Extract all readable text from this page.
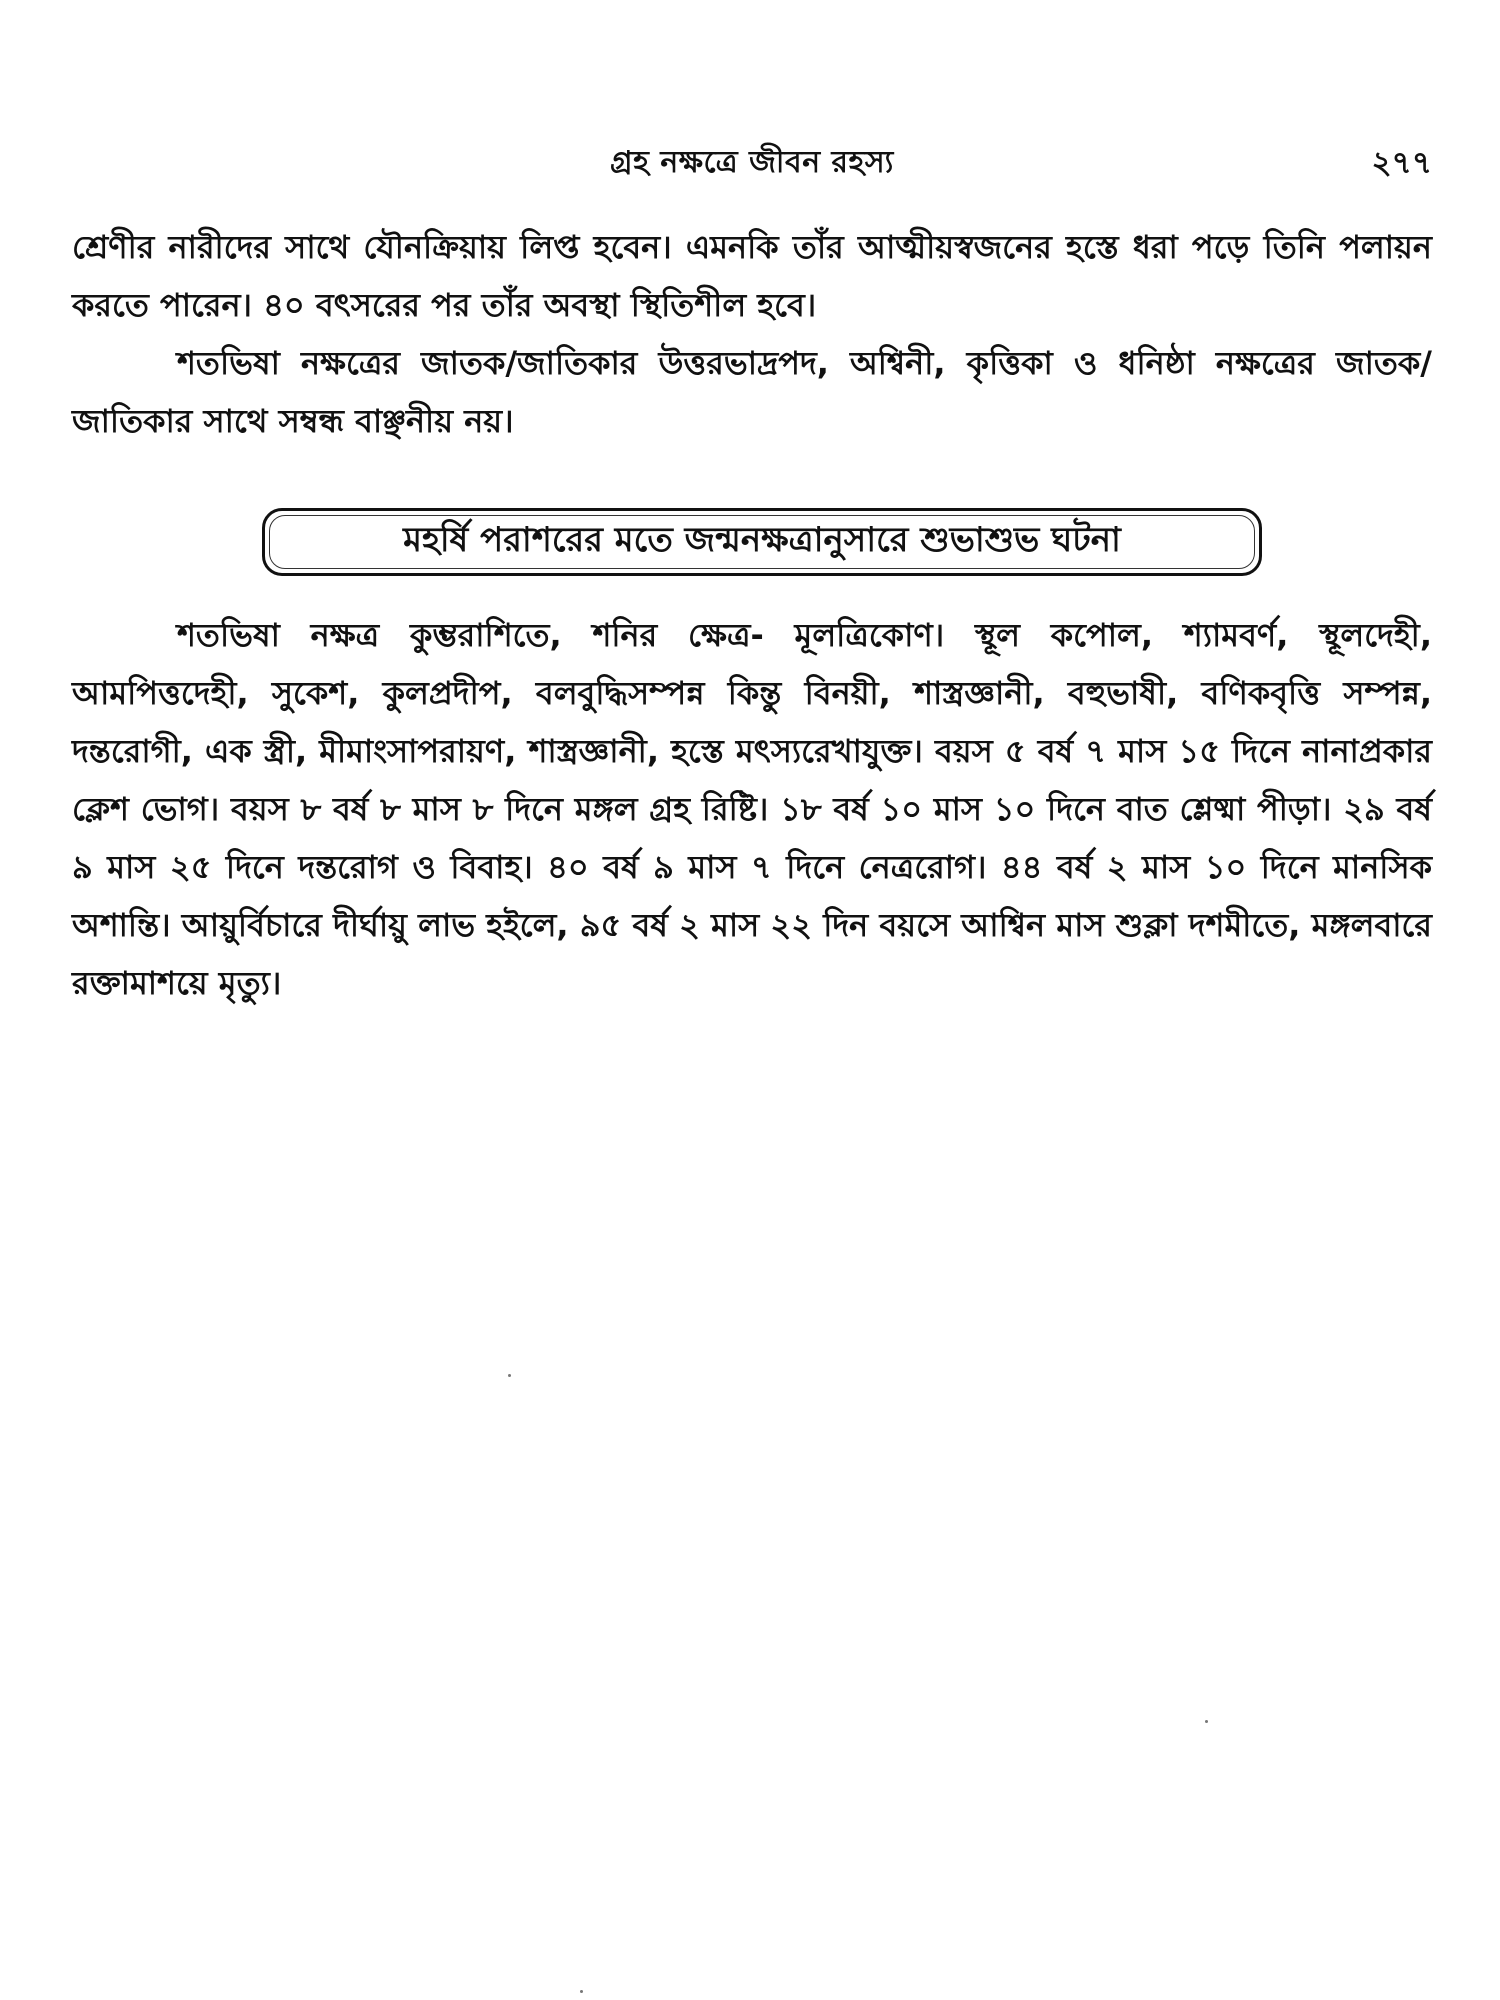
গ্রহ নক্ষত্রে জীবন রহস্য	২৭৭

শ্রেণীর নারীদের সাথে যৌনক্রিয়ায় লিপ্ত হবেন। এমনকি তাঁর আত্মীয়স্বজনের হস্তে ধরা পড়ে তিনি পলায়ন করতে পারেন। ৪০ বৎসরের পর তাঁর অবস্থা স্থিতিশীল হবে।

শতভিষা নক্ষত্রের জাতক/জাতিকার উত্তরভাদ্রপদ, অশ্বিনী, কৃত্তিকা ও ধনিষ্ঠা নক্ষত্রের জাতক/জাতিকার সাথে সম্বন্ধ বাঞ্ছনীয় নয়।

মহর্ষি পরাশরের মতে জন্মনক্ষত্রানুসারে শুভাশুভ ঘটনা

শতভিষা নক্ষত্র কুম্ভরাশিতে, শনির ক্ষেত্র- মূলত্রিকোণ। স্থূল কপোল, শ্যামবর্ণ, স্থূলদেহী, আমপিত্তদেহী, সুকেশ, কুলপ্রদীপ, বলবুদ্ধিসম্পন্ন কিন্তু বিনয়ী, শাস্ত্রজ্ঞানী, বহুভাষী, বণিকবৃত্তি সম্পন্ন, দন্তরোগী, এক স্ত্রী, মীমাংসাপরায়ণ, শাস্ত্রজ্ঞানী, হস্তে মৎস্যরেখাযুক্ত। বয়স ৫ বর্ষ ৭ মাস ১৫ দিনে নানাপ্রকার ক্লেশ ভোগ। বয়স ৮ বর্ষ ৮ মাস ৮ দিনে মঙ্গল গ্রহ রিষ্টি। ১৮ বর্ষ ১০ মাস ১০ দিনে বাত শ্লেষ্মা পীড়া। ২৯ বর্ষ ৯ মাস ২৫ দিনে দন্তরোগ ও বিবাহ। ৪০ বর্ষ ৯ মাস ৭ দিনে নেত্ররোগ। ৪৪ বর্ষ ২ মাস ১০ দিনে মানসিক অশান্তি। আয়ুর্বিচারে দীর্ঘায়ু লাভ হইলে, ৯৫ বর্ষ ২ মাস ২২ দিন বয়সে আশ্বিন মাস শুক্লা দশমীতে, মঙ্গলবারে রক্তামাশয়ে মৃত্যু।
